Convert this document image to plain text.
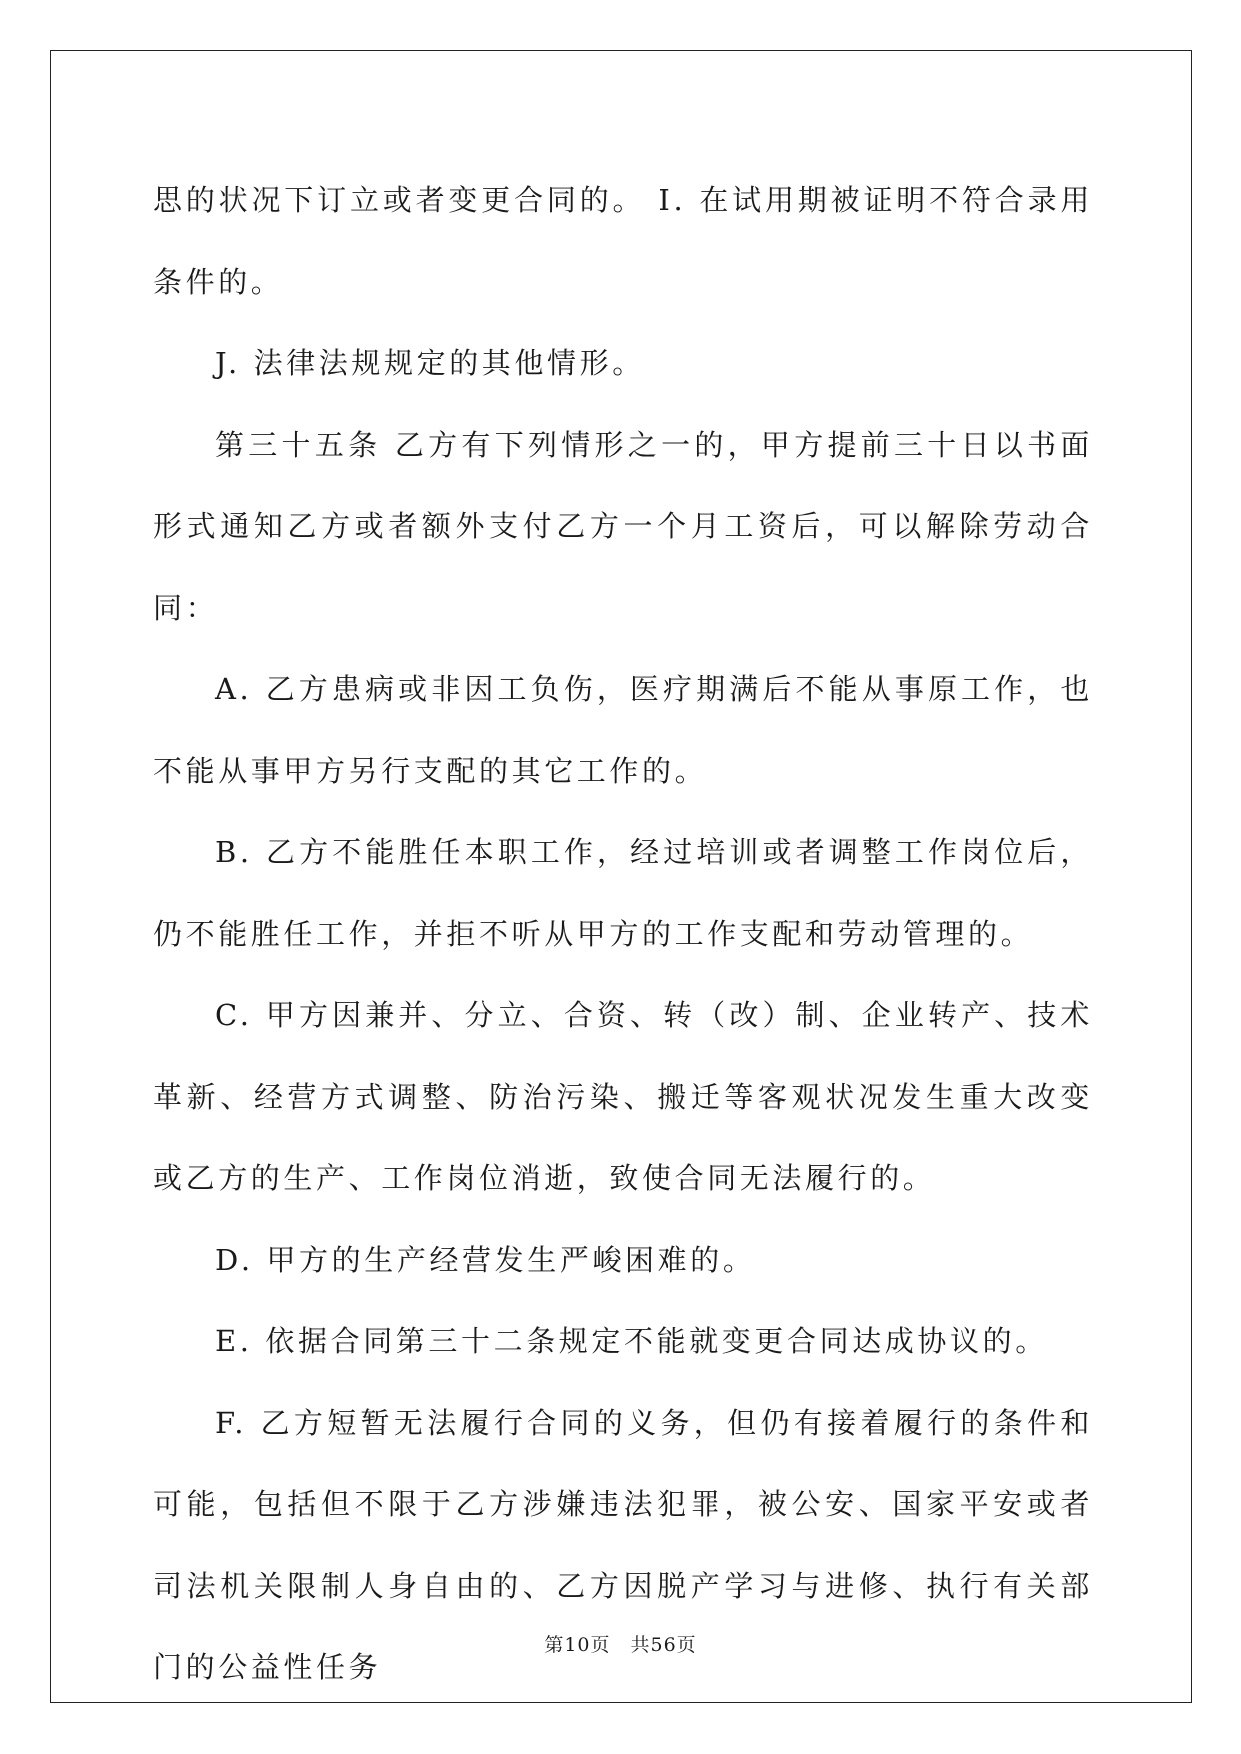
思的状况下订立或者变更合同的。 I. 在试用期被证明不符合录用条件的。

J. 法律法规规定的其他情形。

第三十五条 乙方有下列情形之一的，甲方提前三十日以书面形式通知乙方或者额外支付乙方一个月工资后，可以解除劳动合同：

A. 乙方患病或非因工负伤，医疗期满后不能从事原工作，也不能从事甲方另行支配的其它工作的。

B. 乙方不能胜任本职工作，经过培训或者调整工作岗位后，仍不能胜任工作，并拒不听从甲方的工作支配和劳动管理的。

C. 甲方因兼并、分立、合资、转（改）制、企业转产、技术革新、经营方式调整、防治污染、搬迁等客观状况发生重大改变或乙方的生产、工作岗位消逝，致使合同无法履行的。

D. 甲方的生产经营发生严峻困难的。

E. 依据合同第三十二条规定不能就变更合同达成协议的。

F. 乙方短暂无法履行合同的义务，但仍有接着履行的条件和可能，包括但不限于乙方涉嫌违法犯罪，被公安、国家平安或者司法机关限制人身自由的、乙方因脱产学习与进修、执行有关部门的公益性任务

第10页　共56页
